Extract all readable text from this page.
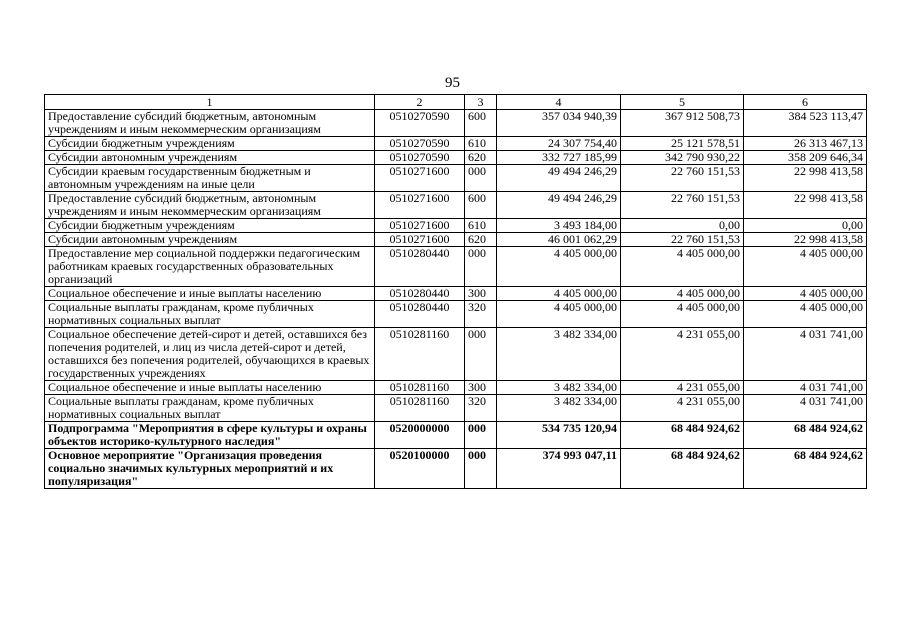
95
1	2	3	4	5	6
Предоставление субсидий бюджетным, автономным учреждениям и иным некоммерческим организациям	0510270590	600	357 034 940,39	367 912 508,73	384 523 113,47
Субсидии бюджетным учреждениям	0510270590	610	24 307 754,40	25 121 578,51	26 313 467,13
Субсидии автономным учреждениям	0510270590	620	332 727 185,99	342 790 930,22	358 209 646,34
Субсидии краевым государственным бюджетным и автономным учреждениям на иные цели	0510271600	000	49 494 246,29	22 760 151,53	22 998 413,58
Предоставление субсидий бюджетным, автономным учреждениям и иным некоммерческим организациям	0510271600	600	49 494 246,29	22 760 151,53	22 998 413,58
Субсидии бюджетным учреждениям	0510271600	610	3 493 184,00	0,00	0,00
Субсидии автономным учреждениям	0510271600	620	46 001 062,29	22 760 151,53	22 998 413,58
Предоставление мер социальной поддержки педагогическим работникам краевых государственных образовательных организаций	0510280440	000	4 405 000,00	4 405 000,00	4 405 000,00
Социальное обеспечение и иные выплаты населению	0510280440	300	4 405 000,00	4 405 000,00	4 405 000,00
Социальные выплаты гражданам, кроме публичных нормативных социальных выплат	0510280440	320	4 405 000,00	4 405 000,00	4 405 000,00
Социальное обеспечение детей-сирот и детей, оставшихся без попечения родителей, и лиц из числа детей-сирот и детей, оставшихся без попечения родителей, обучающихся в краевых государственных учреждениях	0510281160	000	3 482 334,00	4 231 055,00	4 031 741,00
Социальное обеспечение и иные выплаты населению	0510281160	300	3 482 334,00	4 231 055,00	4 031 741,00
Социальные выплаты гражданам, кроме публичных нормативных социальных выплат	0510281160	320	3 482 334,00	4 231 055,00	4 031 741,00
Подпрограмма "Мероприятия в сфере культуры и охраны объектов историко-культурного наследия"	0520000000	000	534 735 120,94	68 484 924,62	68 484 924,62
Основное мероприятие "Организация проведения социально значимых культурных мероприятий и их популяризация"	0520100000	000	374 993 047,11	68 484 924,62	68 484 924,62
